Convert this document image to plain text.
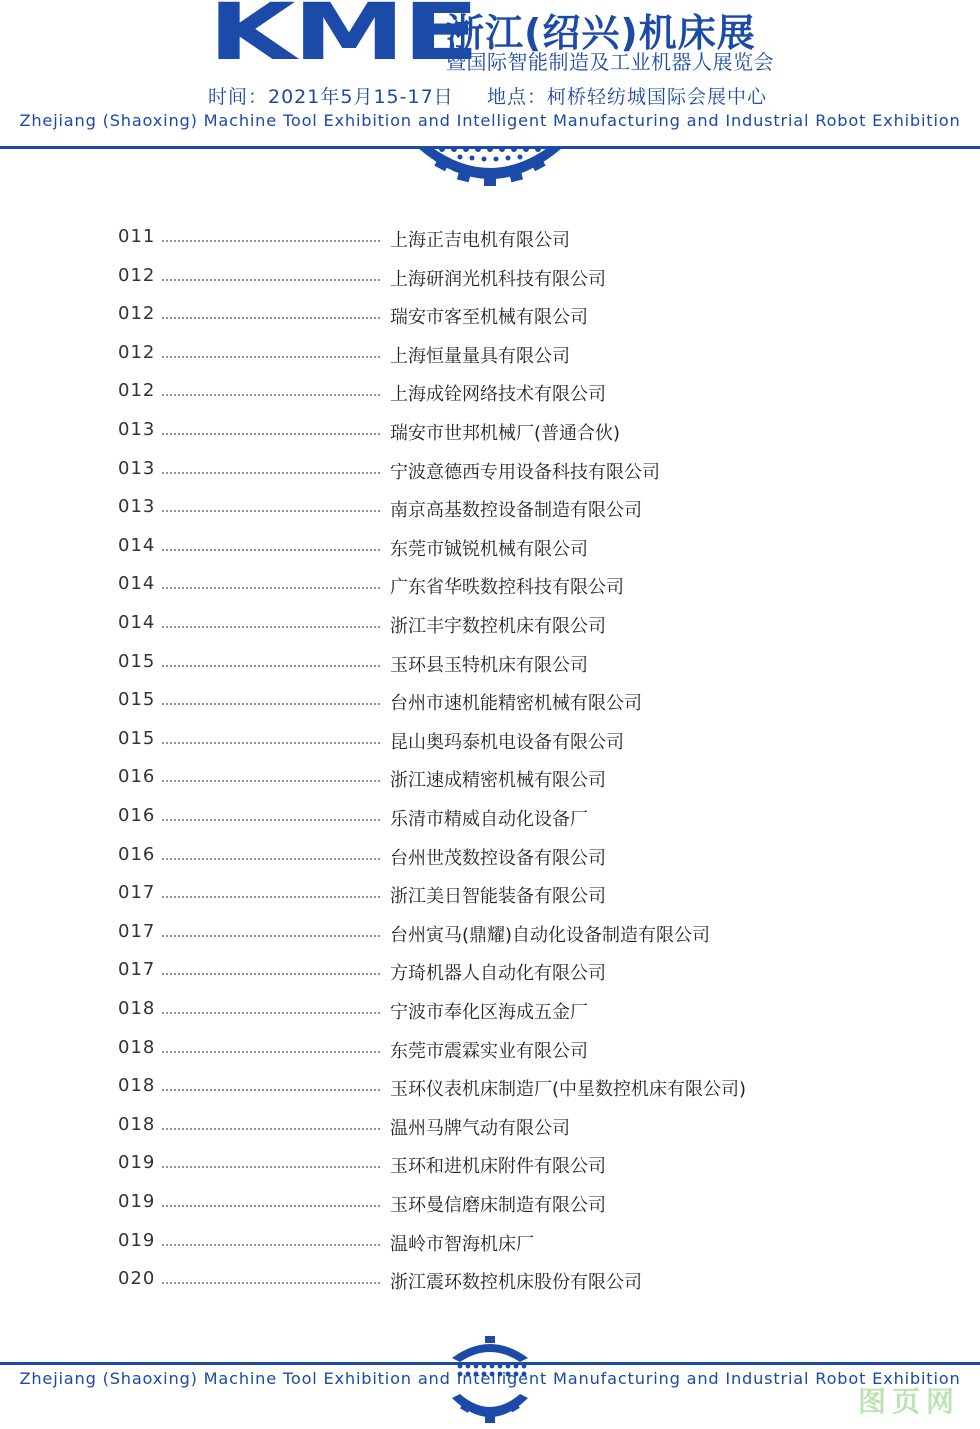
KME
浙江(绍兴)机床展
暨国际智能制造及工业机器人展览会
时间：2021年5月15-17日 地点：柯桥轻纺城国际会展中心
Zhejiang (Shaoxing) Machine Tool Exhibition and Intelligent Manufacturing and Industrial Robot Exhibition
011	上海正吉电机有限公司
012	上海研润光机科技有限公司
012	瑞安市客至机械有限公司
012	上海恒量量具有限公司
012	上海成铨网络技术有限公司
013	瑞安市世邦机械厂(普通合伙)
013	宁波意德西专用设备科技有限公司
013	南京高基数控设备制造有限公司
014	东莞市铖锐机械有限公司
014	广东省华昳数控科技有限公司
014	浙江丰宇数控机床有限公司
015	玉环县玉特机床有限公司
015	台州市速机能精密机械有限公司
015	昆山奥玛泰机电设备有限公司
016	浙江速成精密机械有限公司
016	乐清市精威自动化设备厂
016	台州世茂数控设备有限公司
017	浙江美日智能装备有限公司
017	台州寅马(鼎耀)自动化设备制造有限公司
017	方琦机器人自动化有限公司
018	宁波市奉化区海成五金厂
018	东莞市震霖实业有限公司
018	玉环仪表机床制造厂(中星数控机床有限公司)
018	温州马牌气动有限公司
019	玉环和进机床附件有限公司
019	玉环曼信磨床制造有限公司
019	温岭市智海机床厂
020	浙江震环数控机床股份有限公司
Zhejiang (Shaoxing) Machine Tool Exhibition and Intelligent Manufacturing and Industrial Robot Exhibition
图页网
